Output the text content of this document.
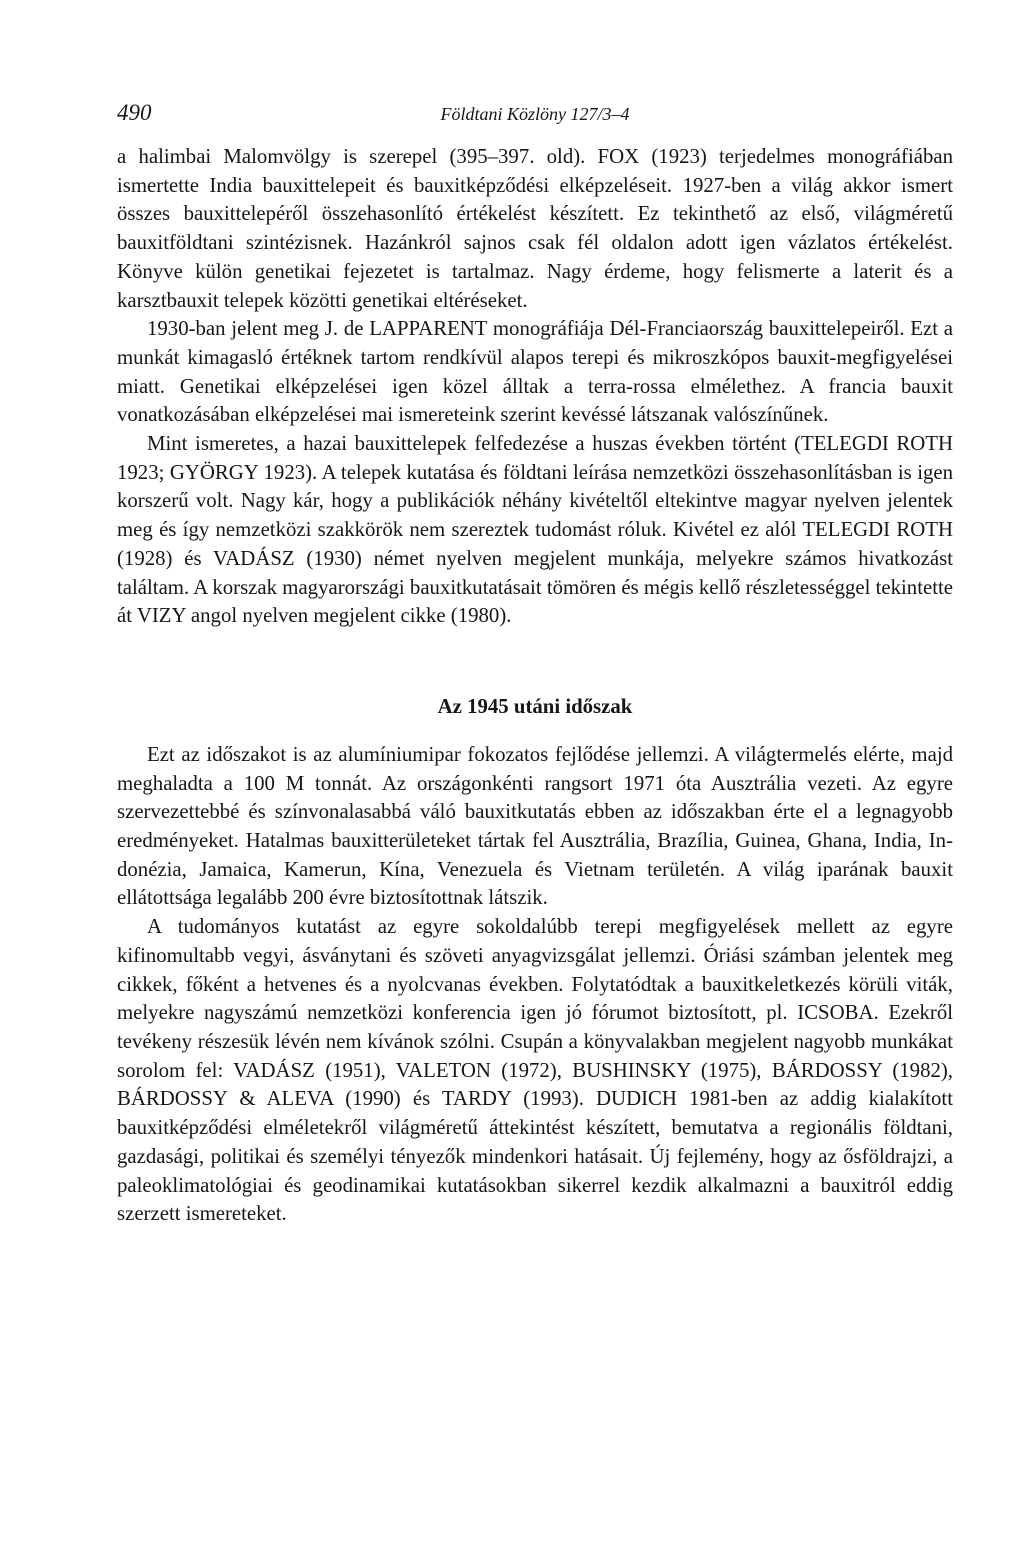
490	Földtani Közlöny 127/3–4

a halimbai Malomvölgy is szerepel (395–397. old). FOX (1923) terjedelmes monográfiában ismertette India bauxittelepeit és bauxitképződési elképzeléseit. 1927-ben a világ akkor ismert összes bauxittelepéről összehasonlító értékelést készített. Ez tekinthető az első, világméretű bauxitföldtani szintézisnek. Hazánkról sajnos csak fél oldalon adott igen vázlatos értékelést. Könyve külön genetikai fejezetet is tartalmaz. Nagy érdeme, hogy felismerte a laterit és a karsztbauxit telepek közötti genetikai eltéréseket.

1930-ban jelent meg J. de LAPPARENT monográfiája Dél-Franciaország bauxittelepeiről. Ezt a munkát kimagasló értéknek tartom rendkívül alapos terepi és mikroszkópos bauxit-megfigyelései miatt. Genetikai elképzelései igen közel álltak a terra-rossa elmélethez. A francia bauxit vonatkozásában elképzelései mai ismereteink szerint kevéssé látszanak valószínűnek.

Mint ismeretes, a hazai bauxittelepek felfedezése a huszas években történt (TELEGDI ROTH 1923; GYÖRGY 1923). A telepek kutatása és földtani leírása nemzetközi összehasonlításban is igen korszerű volt. Nagy kár, hogy a publikációk néhány kivételtől eltekintve magyar nyelven jelentek meg és így nemzetközi szakkörök nem szereztek tudomást róluk. Kivétel ez alól TELEGDI ROTH (1928) és VADÁSZ (1930) német nyelven megjelent munkája, melyekre számos hivatkozást találtam. A korszak magyarországi bauxitkutatásait tömören és mégis kellő részletességgel tekintette át VIZY angol nyelven megjelent cikke (1980).

Az 1945 utáni időszak

Ezt az időszakot is az alumíniumipar fokozatos fejlődése jellemzi. A világtermelés elérte, majd meghaladta a 100 M tonnát. Az országonkénti rangsort 1971 óta Ausztrália vezeti. Az egyre szervezettebbé és színvonalasabbá váló bauxitkutatás ebben az időszakban érte el a legnagyobb eredményeket. Hatalmas bauxitterületeket tártak fel Ausztrália, Brazília, Guinea, Ghana, India, Indonézia, Jamaica, Kamerun, Kína, Venezuela és Vietnam területén. A világ iparának bauxit ellátottsága legalább 200 évre biztosítottnak látszik.

A tudományos kutatást az egyre sokoldalúbb terepi megfigyelések mellett az egyre kifinomultabb vegyi, ásványtani és szöveti anyagvizsgálat jellemzi. Óriási számban jelentek meg cikkek, főként a hetvenes és a nyolcvanas években. Folytatódtak a bauxitkeletkezés körüli viták, melyekre nagyszámú nemzetközi konferencia igen jó fórumot biztosított, pl. ICSOBA. Ezekről tevékeny részesük lévén nem kívánok szólni. Csupán a könyvalakban megjelent nagyobb munkákat sorolom fel: VADÁSZ (1951), VALETON (1972), BUSHINSKY (1975), BÁRDOSSY (1982), BÁRDOSSY & ALEVA (1990) és TARDY (1993). DUDICH 1981-ben az addig kialakított bauxitképződési elméletekről világméretű áttekintést készített, bemutatva a regionális földtani, gazdasági, politikai és személyi tényezők mindenkori hatásait. Új fejlemény, hogy az ősföldrajzi, a paleoklimatológiai és geodinamikai kutatásokban sikerrel kezdik alkalmazni a bauxitról eddig szerzett ismereteket.
